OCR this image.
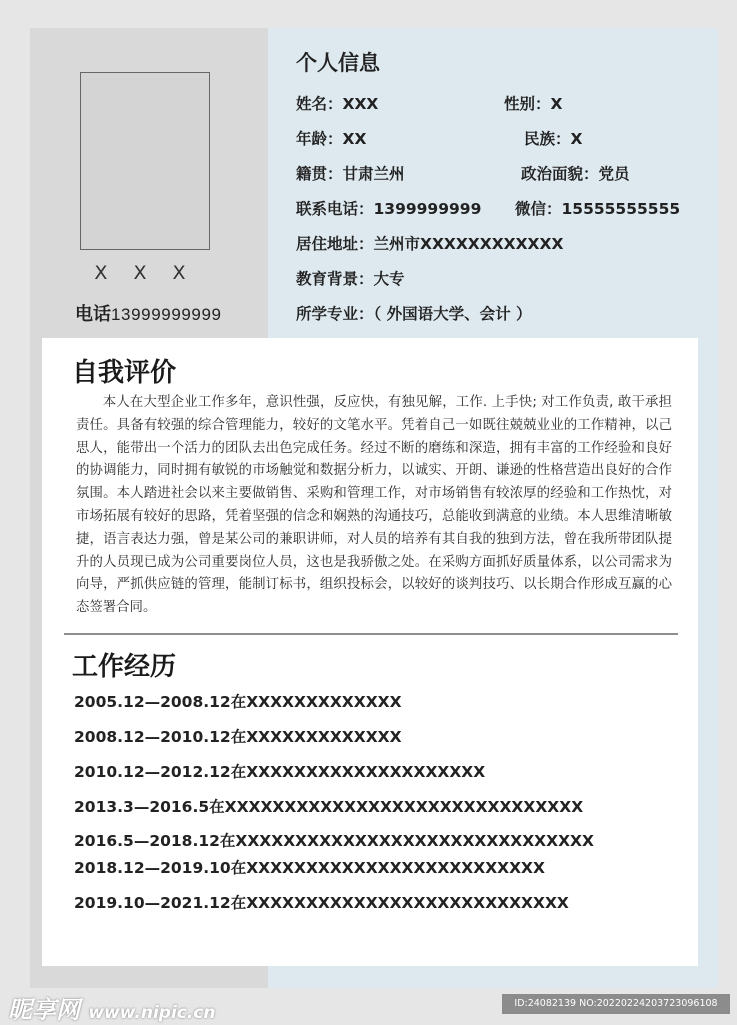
X X X
电话13999999999
个人信息
姓名：XXX	性别：X
年龄：XX	民族：X
籍贯：甘肃兰州	政治面貌：党员
联系电话：1399999999 微信：15555555555
居住地址：兰州市XXXXXXXXXXXX
教育背景：大专
所学专业：（ 外国语大学、会计 ）
自我评价

本人在大型企业工作多年，意识性强，反应快，有独见解，工作. 上手快; 对工作负责, 敢干承担责任。具备有较强的综合管理能力，较好的文笔水平。凭着自己一如既往兢兢业业的工作精神，以己思人，能带出一个活力的团队去出色完成任务。经过不断的磨练和深造，拥有丰富的工作经验和良好的协调能力，同时拥有敏锐的市场触觉和数据分析力，以诚实、开朗、谦逊的性格营造出良好的合作氛围。本人踏进社会以来主要做销售、采购和管理工作，对市场销售有较浓厚的经验和工作热忱，对市场拓展有较好的思路，凭着坚强的信念和娴熟的沟通技巧，总能收到满意的业绩。本人思维清晰敏捷，语言表达力强，曾是某公司的兼职讲师，对人员的培养有其自我的独到方法，曾在我所带团队提升的人员现已成为公司重要岗位人员，这也是我骄傲之处。在采购方面抓好质量体系，以公司需求为向导，严抓供应链的管理，能制订标书，组织投标会，以较好的谈判技巧、以长期合作形成互赢的心态签署合同。

工作经历
2005.12—2008.12在XXXXXXXXXXXXX
2008.12—2010.12在XXXXXXXXXXXXX
2010.12—2012.12在XXXXXXXXXXXXXXXXXXXX
2013.3—2016.5在XXXXXXXXXXXXXXXXXXXXXXXXXXXXXX
2016.5—2018.12在XXXXXXXXXXXXXXXXXXXXXXXXXXXXXX
2018.12—2019.10在XXXXXXXXXXXXXXXXXXXXXXXXX
2019.10—2021.12在XXXXXXXXXXXXXXXXXXXXXXXXXXX
昵享网 www.nipic.cn	ID:24082139 NO:20220224203723096108
